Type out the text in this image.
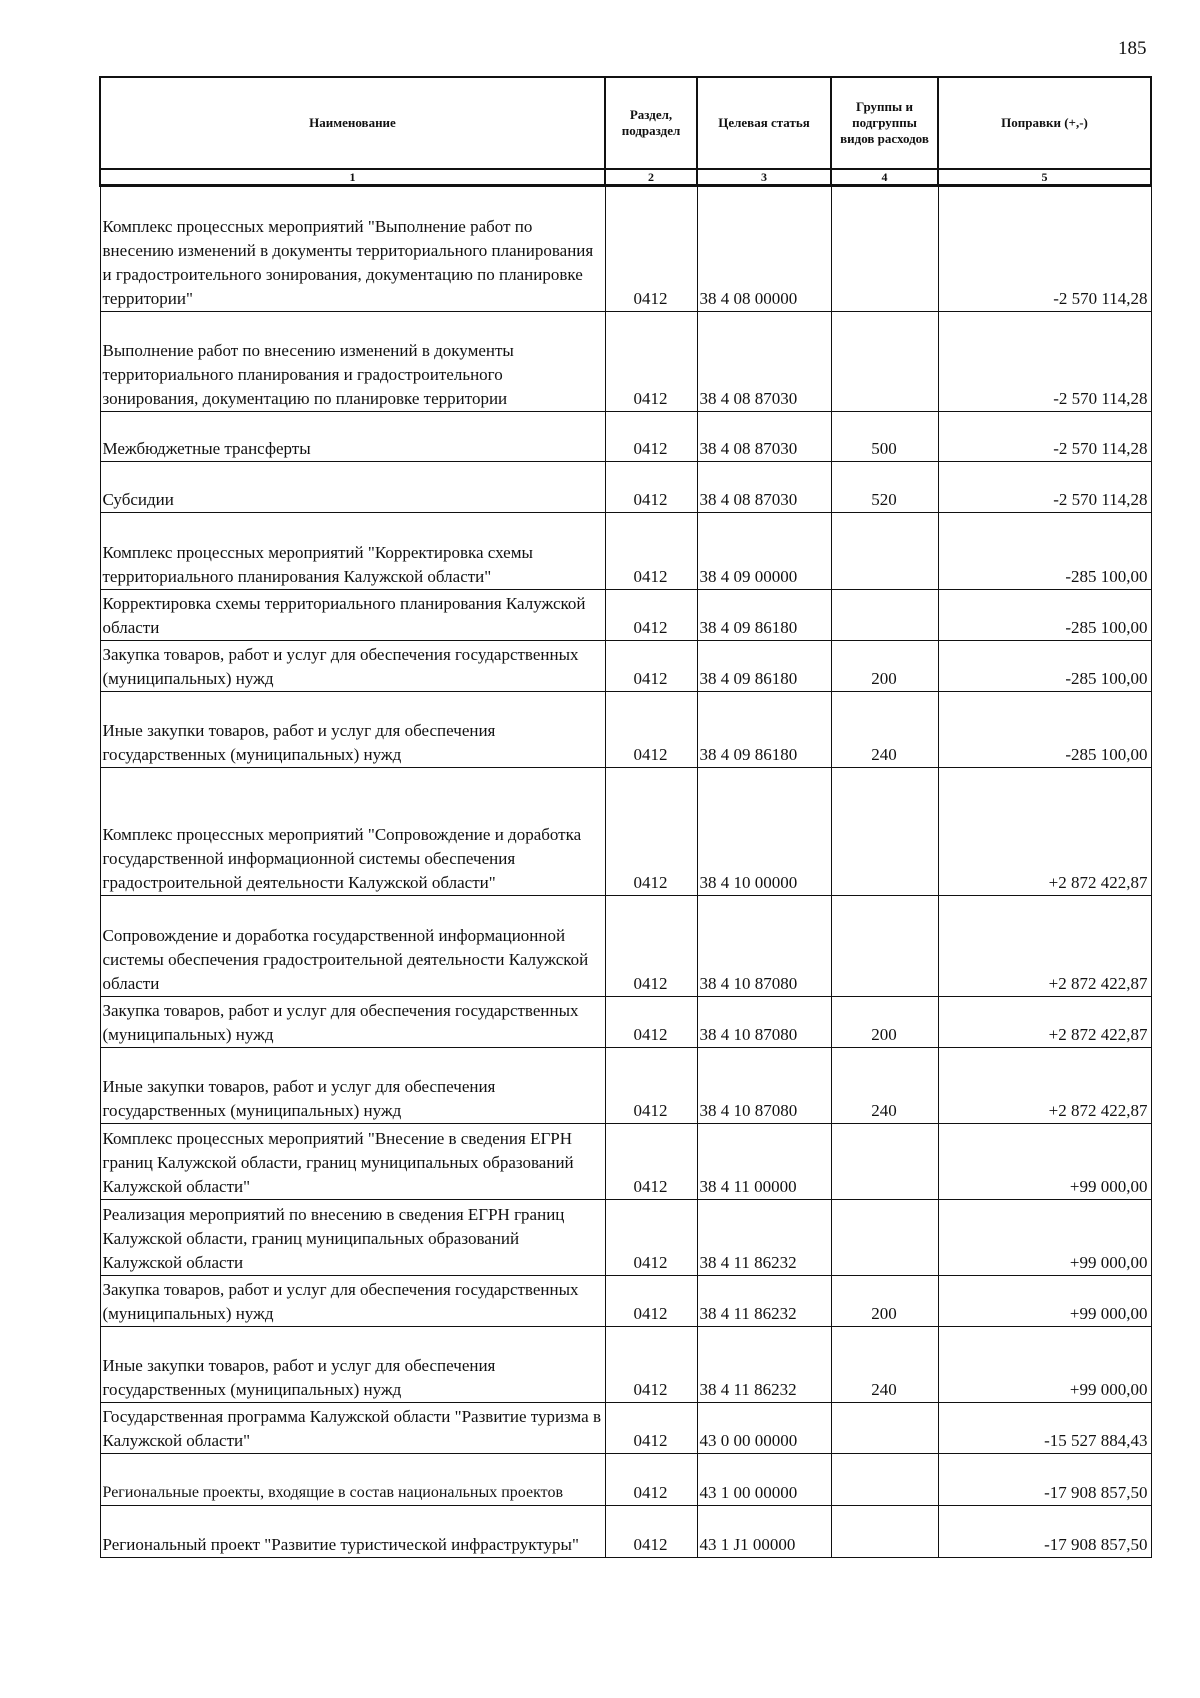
185
Наименование	Раздел, подраздел	Целевая статья	Группы и подгруппы видов расходов	Поправки (+,-)
1	2	3	4	5
Комплекс процессных мероприятий "Выполнение работ по внесению изменений в документы территориального планирования и градостроительного зонирования, документацию по планировке территории"	0412	38 4 08 00000		-2 570 114,28
Выполнение работ по внесению изменений в документы территориального планирования и градостроительного зонирования, документацию по планировке территории	0412	38 4 08 87030		-2 570 114,28
Межбюджетные трансферты	0412	38 4 08 87030	500	-2 570 114,28
Субсидии	0412	38 4 08 87030	520	-2 570 114,28
Комплекс процессных мероприятий "Корректировка схемы территориального планирования Калужской области"	0412	38 4 09 00000		-285 100,00
Корректировка схемы территориального планирования Калужской области	0412	38 4 09 86180		-285 100,00
Закупка товаров, работ и услуг для обеспечения государственных (муниципальных) нужд	0412	38 4 09 86180	200	-285 100,00
Иные закупки товаров, работ и услуг для обеспечения государственных (муниципальных) нужд	0412	38 4 09 86180	240	-285 100,00
Комплекс процессных мероприятий "Сопровождение и доработка государственной информационной системы обеспечения градостроительной деятельности Калужской области"	0412	38 4 10 00000		+2 872 422,87
Сопровождение и доработка государственной информационной системы обеспечения градостроительной деятельности Калужской области	0412	38 4 10 87080		+2 872 422,87
Закупка товаров, работ и услуг для обеспечения государственных (муниципальных) нужд	0412	38 4 10 87080	200	+2 872 422,87
Иные закупки товаров, работ и услуг для обеспечения государственных (муниципальных) нужд	0412	38 4 10 87080	240	+2 872 422,87
Комплекс процессных мероприятий "Внесение в сведения ЕГРН границ Калужской области, границ муниципальных образований Калужской области"	0412	38 4 11 00000		+99 000,00
Реализация мероприятий по внесению в сведения ЕГРН границ Калужской области, границ муниципальных образований Калужской области	0412	38 4 11 86232		+99 000,00
Закупка товаров, работ и услуг для обеспечения государственных (муниципальных) нужд	0412	38 4 11 86232	200	+99 000,00
Иные закупки товаров, работ и услуг для обеспечения государственных (муниципальных) нужд	0412	38 4 11 86232	240	+99 000,00
Государственная программа Калужской области "Развитие туризма в Калужской области"	0412	43 0 00 00000		-15 527 884,43
Региональные проекты, входящие в состав национальных проектов	0412	43 1 00 00000		-17 908 857,50
Региональный проект "Развитие туристической инфраструктуры"	0412	43 1 J1 00000		-17 908 857,50
